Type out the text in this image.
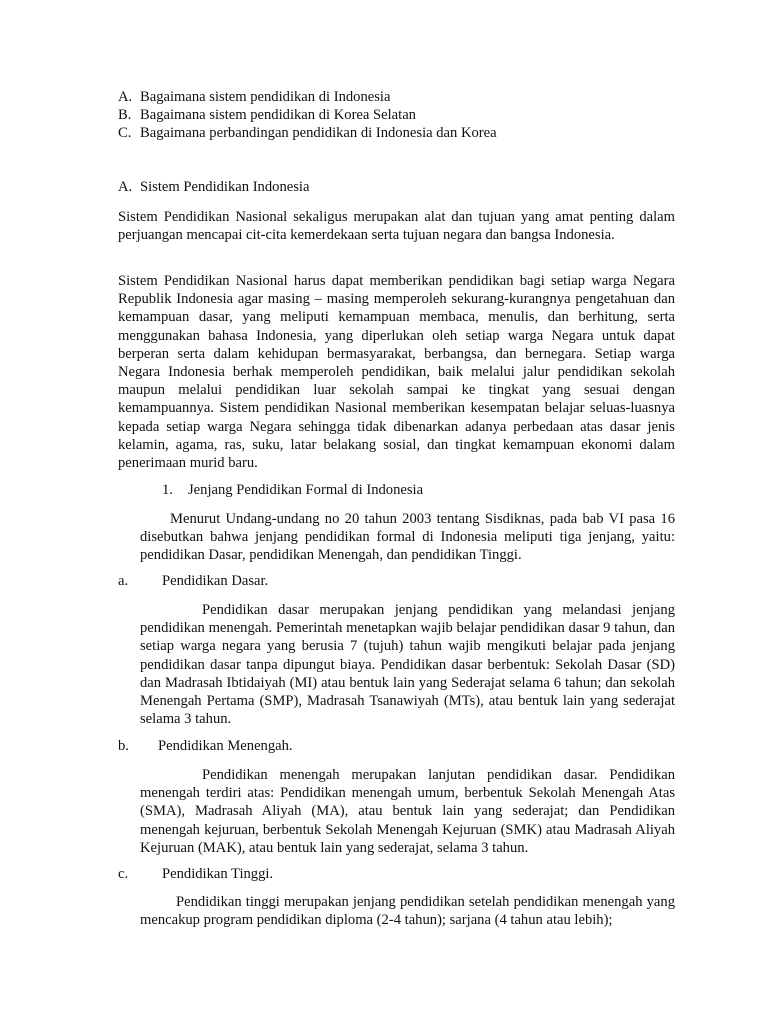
A. Bagaimana sistem pendidikan di Indonesia
B. Bagaimana sistem pendidikan di Korea Selatan
C. Bagaimana perbandingan pendidikan di Indonesia dan Korea
A. Sistem Pendidikan Indonesia

Sistem Pendidikan Nasional sekaligus merupakan alat dan tujuan yang amat penting dalam perjuangan mencapai cit-cita kemerdekaan serta tujuan negara dan bangsa Indonesia.

Sistem Pendidikan Nasional harus dapat memberikan pendidikan bagi setiap warga Negara Republik Indonesia agar masing – masing memperoleh sekurang-kurangnya pengetahuan dan kemampuan dasar, yang meliputi kemampuan membaca, menulis, dan berhitung, serta menggunakan bahasa Indonesia, yang diperlukan oleh setiap warga Negara untuk dapat berperan serta dalam kehidupan bermasyarakat, berbangsa, dan bernegara. Setiap warga Negara Indonesia berhak memperoleh pendidikan, baik melalui jalur pendidikan sekolah maupun melalui pendidikan luar sekolah sampai ke tingkat yang sesuai dengan kemampuannya. Sistem pendidikan Nasional memberikan kesempatan belajar seluas-luasnya kepada setiap warga Negara sehingga tidak dibenarkan adanya perbedaan atas dasar jenis kelamin, agama, ras, suku, latar belakang sosial, dan tingkat kemampuan ekonomi dalam penerimaan murid baru.

1.	Jenjang Pendidikan Formal di Indonesia

Menurut Undang-undang no 20 tahun 2003 tentang Sisdiknas, pada bab VI pasa 16 disebutkan bahwa jenjang pendidikan formal di Indonesia meliputi tiga jenjang, yaitu: pendidikan Dasar, pendidikan Menengah, dan pendidikan Tinggi.

a.	Pendidikan Dasar.

Pendidikan dasar merupakan jenjang pendidikan yang melandasi jenjang pendidikan menengah. Pemerintah menetapkan wajib belajar pendidikan dasar 9 tahun, dan setiap warga negara yang berusia 7 (tujuh) tahun wajib mengikuti belajar pada jenjang pendidikan dasar tanpa dipungut biaya. Pendidikan dasar berbentuk: Sekolah Dasar (SD) dan Madrasah Ibtidaiyah (MI) atau bentuk lain yang Sederajat selama 6 tahun; dan sekolah Menengah Pertama (SMP), Madrasah Tsanawiyah (MTs), atau bentuk lain yang sederajat selama 3 tahun.

b.	Pendidikan Menengah.

Pendidikan menengah merupakan lanjutan pendidikan dasar. Pendidikan menengah terdiri atas: Pendidikan menengah umum, berbentuk Sekolah Menengah Atas (SMA), Madrasah Aliyah (MA), atau bentuk lain yang sederajat; dan Pendidikan menengah kejuruan, berbentuk Sekolah Menengah Kejuruan (SMK) atau Madrasah Aliyah Kejuruan (MAK), atau bentuk lain yang sederajat, selama 3 tahun.

c.	Pendidikan Tinggi.

Pendidikan tinggi merupakan jenjang pendidikan setelah pendidikan menengah yang mencakup program pendidikan diploma (2-4 tahun); sarjana (4 tahun atau lebih);
